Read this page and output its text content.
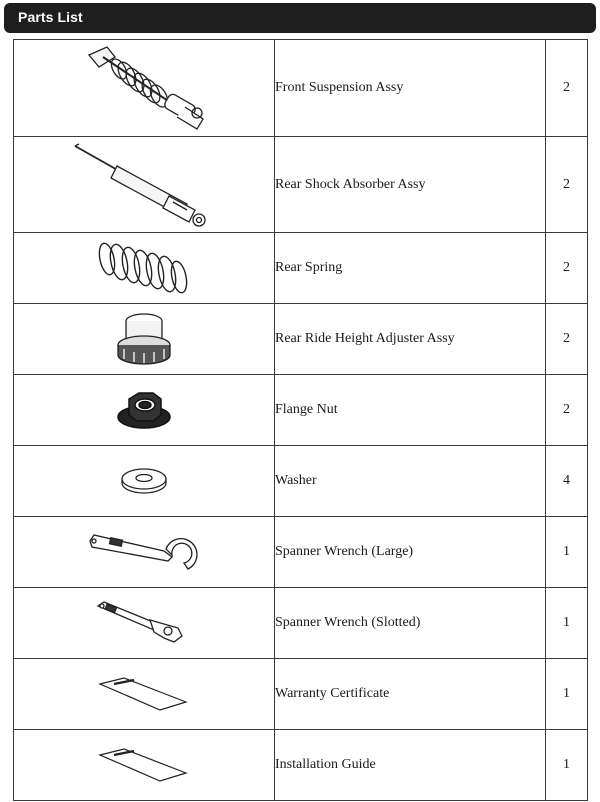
Parts List
	Front Suspension Assy	2

	Rear Shock Absorber Assy	2

	Rear Spring	2

	Rear Ride Height Adjuster Assy	2

	Flange Nut	2

	Washer	4

	Spanner Wrench (Large)	1

	Spanner Wrench (Slotted)	1

	Warranty Certificate	1

	Installation Guide	1
